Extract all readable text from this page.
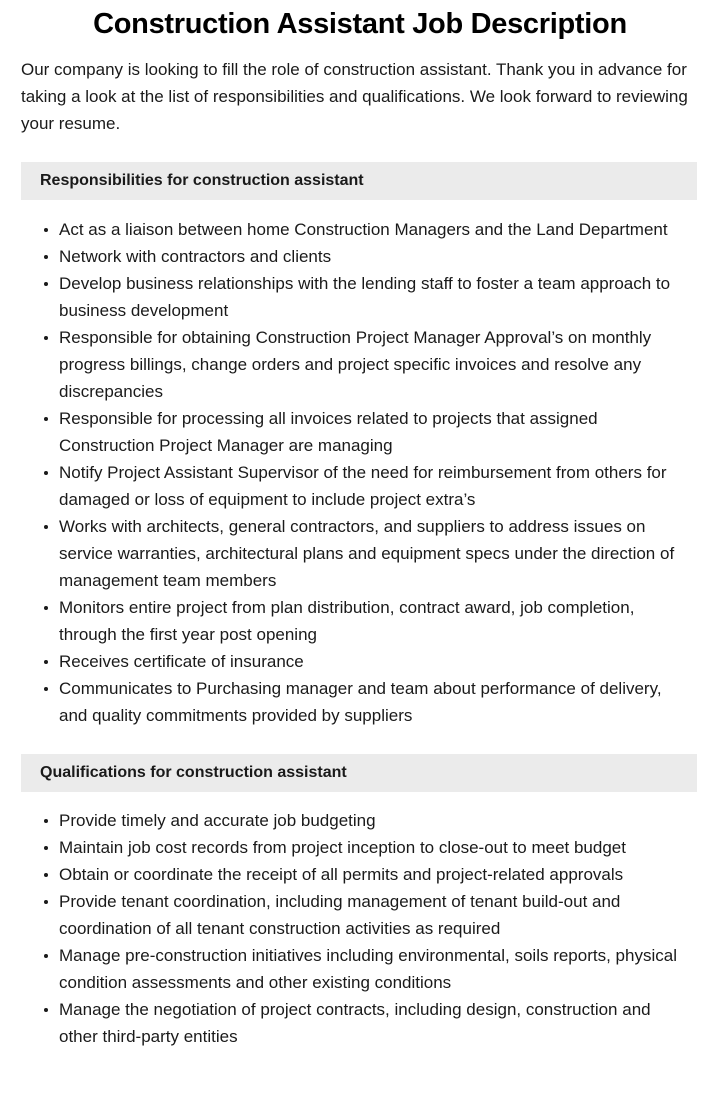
Construction Assistant Job Description

Our company is looking to fill the role of construction assistant. Thank you in advance for taking a look at the list of responsibilities and qualifications. We look forward to reviewing your resume.

Responsibilities for construction assistant
Act as a liaison between home Construction Managers and the Land Department
Network with contractors and clients
Develop business relationships with the lending staff to foster a team approach to business development
Responsible for obtaining Construction Project Manager Approval’s on monthly progress billings, change orders and project specific invoices and resolve any discrepancies
Responsible for processing all invoices related to projects that assigned Construction Project Manager are managing
Notify Project Assistant Supervisor of the need for reimbursement from others for damaged or loss of equipment to include project extra’s
Works with architects, general contractors, and suppliers to address issues on service warranties, architectural plans and equipment specs under the direction of management team members
Monitors entire project from plan distribution, contract award, job completion, through the first year post opening
Receives certificate of insurance
Communicates to Purchasing manager and team about performance of delivery, and quality commitments provided by suppliers
Qualifications for construction assistant
Provide timely and accurate job budgeting
Maintain job cost records from project inception to close-out to meet budget
Obtain or coordinate the receipt of all permits and project-related approvals
Provide tenant coordination, including management of tenant build-out and coordination of all tenant construction activities as required
Manage pre-construction initiatives including environmental, soils reports, physical condition assessments and other existing conditions
Manage the negotiation of project contracts, including design, construction and other third-party entities
